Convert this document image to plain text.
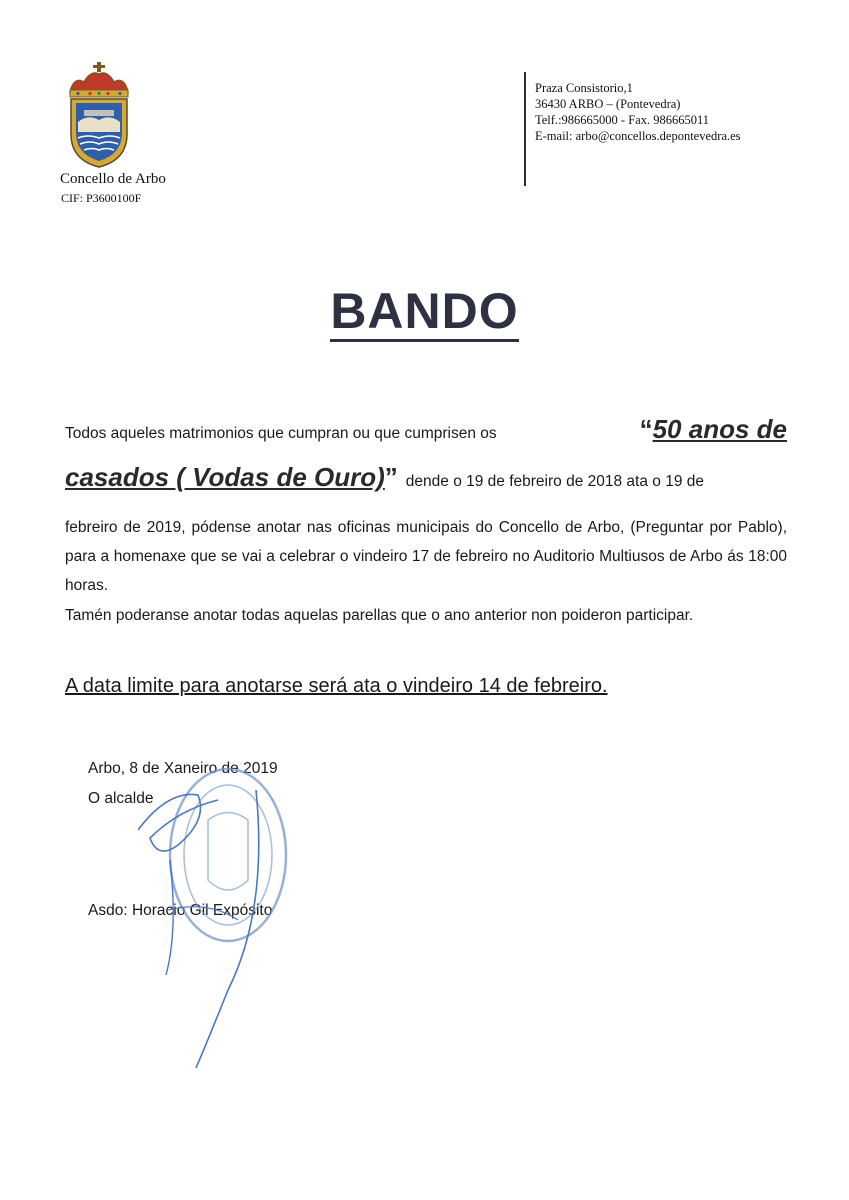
Concello de Arbo
CIF: P3600100F
Praza Consistorio,1
36430 ARBO – (Pontevedra)
Telf.:986665000 - Fax. 986665011
E-mail: arbo@concellos.depontevedra.es
BANDO
Todos aqueles matrimonios que cumpran ou que cumprisen os	“50 anos de
casados ( Vodas de Ouro)” dende o 19 de febreiro de 2018 ata o 19 de
febreiro de 2019, pódense anotar nas oficinas municipais do Concello de Arbo, (Preguntar por Pablo), para a homenaxe que se vai a celebrar o vindeiro 17 de febreiro no Auditorio Multiusos de Arbo ás 18:00 horas.
Tamén poderanse anotar todas aquelas parellas que o ano anterior non poideron participar.
A data limite para anotarse será ata o vindeiro 14 de febreiro.
Arbo, 8 de Xaneiro de 2019
O alcalde
Asdo: Horacio Gil Expósito
